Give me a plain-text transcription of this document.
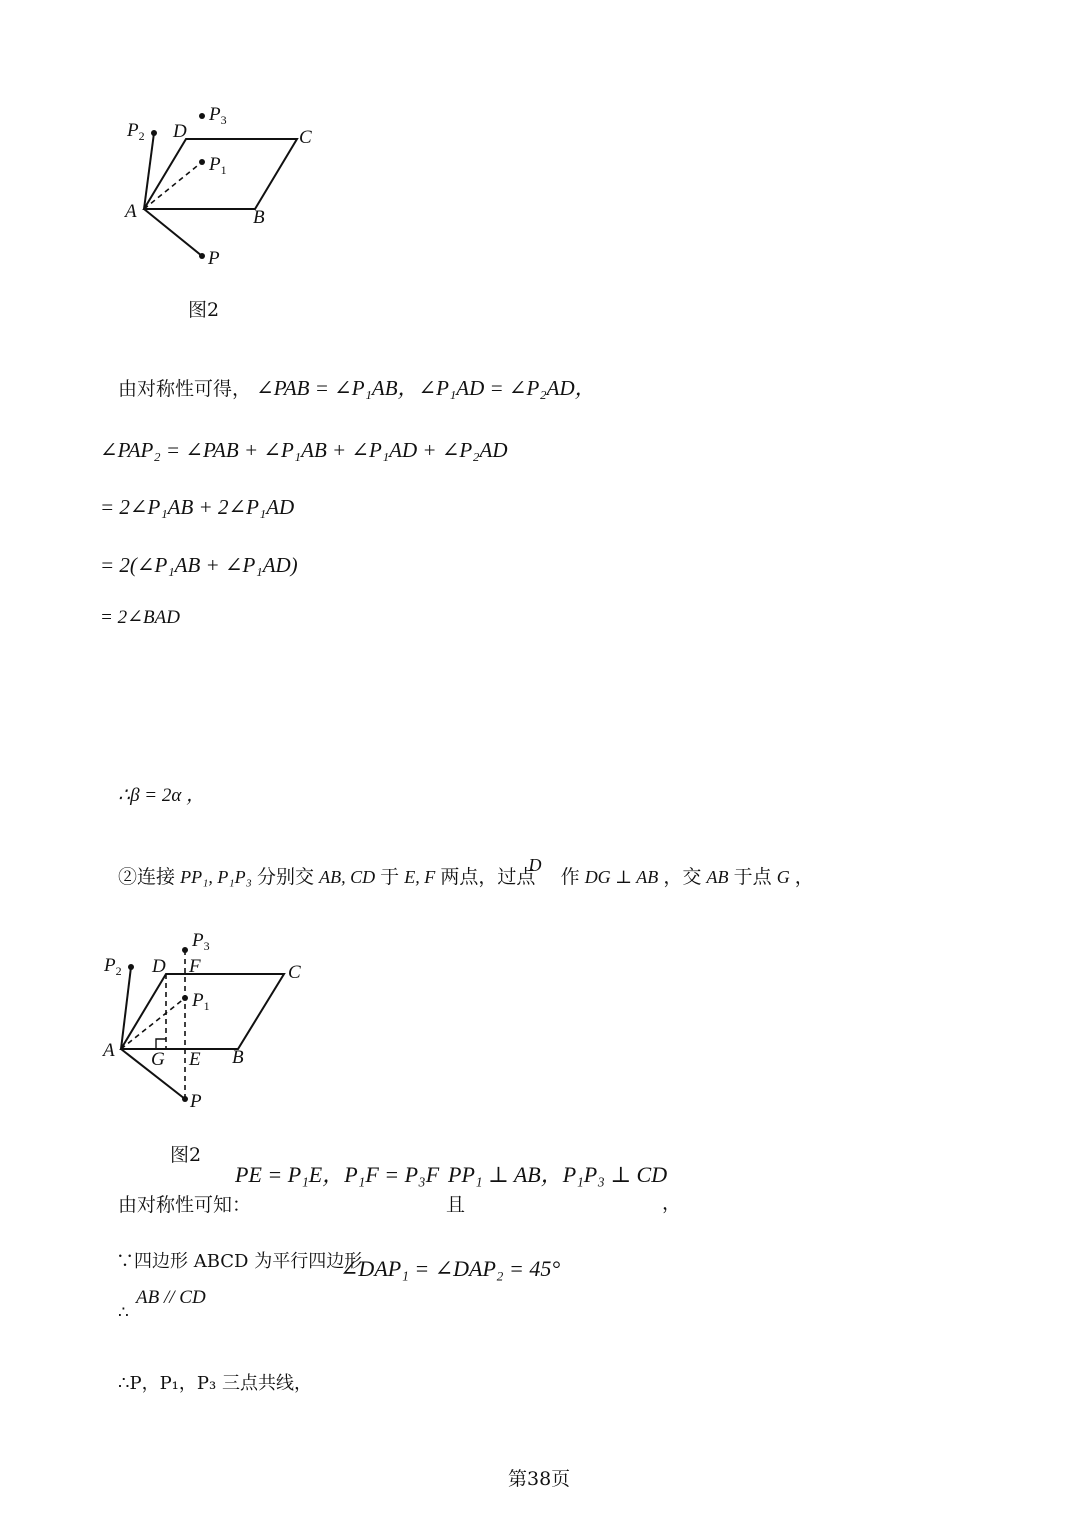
$P_2$ D
$P_3$
C
$P_1$
A	B
P
图2
由对称性可得， ∠PAB = ∠P₁AB，∠P₁AD = ∠P₂AD，
∠PAP₂ = ∠PAB + ∠P₁AB + ∠P₁AD + ∠P₂AD
= 2∠P₁AB + 2∠P₁AD
= 2(∠P₁AB + ∠P₁AD)
= 2∠BAD
∴β = 2α ，
②连接 PP₁, P₁P₃ 分别交 AB, CD 于 E, F 两点，过点 D 作 DG ⊥ AB ，交 AB 于点 G ，
$P_2$ D F
$P_3$
C
$P_1$
A G E B
P
图2
PE = P₁E，P₁F = P₃F PP₁ ⊥ AB，P₁P₃ ⊥ CD
由对称性可知：	且	，
∵四边形 ABCD 为平行四边形
∠DAP₁ = ∠DAP₂ = 45°
AB // CD
∴
∴P，P₁，P₃ 三点共线，
第38页
